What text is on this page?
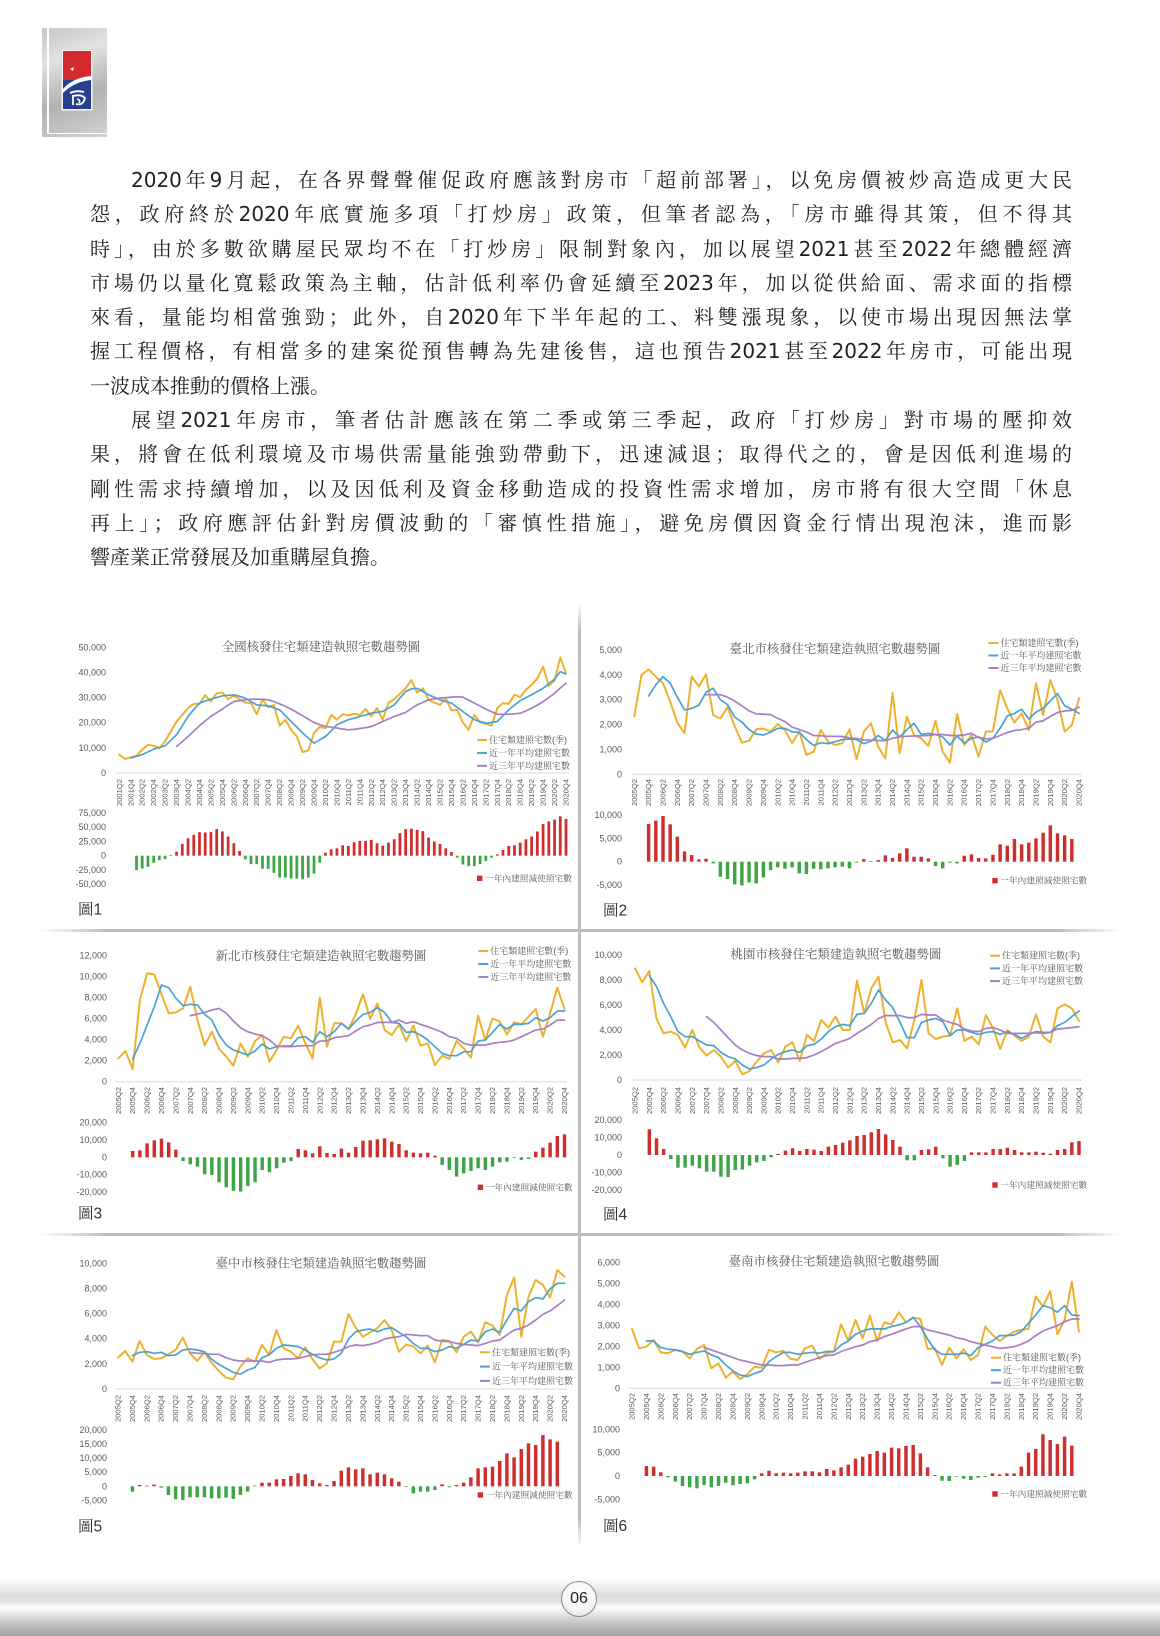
2020年9月起，在各界聲聲催促政府應該對房市「超前部署」，以免房價被炒高造成更大民
怨，政府終於2020年底實施多項「打炒房」政策，但筆者認為，「房市雖得其策，但不得其
時」，由於多數欲購屋民眾均不在「打炒房」限制對象內，加以展望2021甚至2022年總體經濟
市場仍以量化寬鬆政策為主軸，估計低利率仍會延續至2023年，加以從供給面、需求面的指標
來看，量能均相當強勁；此外，自2020年下半年起的工、料雙漲現象，以使市場出現因無法掌
握工程價格，有相當多的建案從預售轉為先建後售，這也預告2021甚至2022年房市，可能出現
一波成本推動的價格上漲。
展望2021年房市，筆者估計應該在第二季或第三季起，政府「打炒房」對市場的壓抑效
果，將會在低利環境及市場供需量能強勁帶動下，迅速減退；取得代之的，會是因低利進場的
剛性需求持續增加，以及因低利及資金移動造成的投資性需求增加，房市將有很大空間「休息
再上」；政府應評估針對房價波動的「審慎性措施」，避免房價因資金行情出現泡沫，進而影
響產業正常發展及加重購屋負擔。
全國核發住宅類建造執照宅數趨勢圖
0
10,000
20,000
30,000
40,000
50,000
2001Q2 2001Q4 2002Q2 2002Q4 2003Q2 2003Q4 2004Q2 2004Q4 2005Q2 2005Q4 2006Q2 2006Q4 2007Q2 2007Q4 2008Q2 2008Q4 2009Q2 2009Q4 2010Q2 2010Q4 2011Q2 2011Q4 2012Q2 2012Q4 2013Q2 2013Q4 2014Q2 2014Q4 2015Q2 2015Q4 2016Q2 2016Q4 2017Q2 2017Q4 2018Q2 2018Q4 2019Q2 2019Q4 2020Q2 2020Q4
住宅類建照宅數(季)
近一年平均建照宅數
近三年平均建照宅數
-50,000
-25,000
0
25,000
50,000
75,000
一年內建照減使照宅數
圖1
臺北市核發住宅類建造執照宅數趨勢圖
0
1,000
2,000
3,000
4,000
5,000
2005Q2 2005Q4 2006Q2 2006Q4 2007Q2 2007Q4 2008Q2 2008Q4 2009Q2 2009Q4 2010Q2 2010Q4 2011Q2 2011Q4 2012Q2 2012Q4 2013Q2 2013Q4 2014Q2 2014Q4 2015Q2 2015Q4 2016Q2 2016Q4 2017Q2 2017Q4 2018Q2 2018Q4 2019Q2 2019Q4 2020Q2 2020Q4
住宅類建照宅數(季)
近一年平均建照宅數
近三年平均建照宅數
-5,000
0
5,000
10,000
一年內建照減使照宅數
圖2
新北市核發住宅類建造執照宅數趨勢圖
0
2,000
4,000
6,000
8,000
10,000
12,000
2005Q2 2005Q4 2006Q2 2006Q4 2007Q2 2007Q4 2008Q2 2008Q4 2009Q2 2009Q4 2010Q2 2010Q4 2011Q2 2011Q4 2012Q2 2012Q4 2013Q2 2013Q4 2014Q2 2014Q4 2015Q2 2015Q4 2016Q2 2016Q4 2017Q2 2017Q4 2018Q2 2018Q4 2019Q2 2019Q4 2020Q2 2020Q4
住宅類建照宅數(季)
近一年平均建照宅數
近三年平均建照宅數
-20,000
-10,000
0
10,000
20,000
一年內建照減使照宅數
圖3
桃園市核發住宅類建造執照宅數趨勢圖
0
2,000
4,000
6,000
8,000
10,000
2005Q2 2005Q4 2006Q2 2006Q4 2007Q2 2007Q4 2008Q2 2008Q4 2009Q2 2009Q4 2010Q2 2010Q4 2011Q2 2011Q4 2012Q2 2012Q4 2013Q2 2013Q4 2014Q2 2014Q4 2015Q2 2015Q4 2016Q2 2016Q4 2017Q2 2017Q4 2018Q2 2018Q4 2019Q2 2019Q4 2020Q2 2020Q4
住宅類建照宅數(季)
近一年平均建照宅數
近三年平均建照宅數
-20,000
-10,000
0
10,000
20,000
一年內建照減使照宅數
圖4
臺中市核發住宅類建造執照宅數趨勢圖
0
2,000
4,000
6,000
8,000
10,000
2005Q2 2005Q4 2006Q2 2006Q4 2007Q2 2007Q4 2008Q2 2008Q4 2009Q2 2009Q4 2010Q2 2010Q4 2011Q2 2011Q4 2012Q2 2012Q4 2013Q2 2013Q4 2014Q2 2014Q4 2015Q2 2015Q4 2016Q2 2016Q4 2017Q2 2017Q4 2018Q2 2018Q4 2019Q2 2019Q4 2020Q2 2020Q4
住宅類建照宅數(季)
近一年平均建照宅數
近三年平均建照宅數
-5,000
0
5,000
10,000
15,000
20,000
一年內建照減使照宅數
圖5
臺南市核發住宅類建造執照宅數趨勢圖
0
1,000
2,000
3,000
4,000
5,000
6,000
2005Q2 2005Q4 2006Q2 2006Q4 2007Q2 2007Q4 2008Q2 2008Q4 2009Q2 2009Q4 2010Q2 2010Q4 2011Q2 2011Q4 2012Q2 2012Q4 2013Q2 2013Q4 2014Q2 2014Q4 2015Q2 2015Q4 2016Q2 2016Q4 2017Q2 2017Q4 2018Q2 2018Q4 2019Q2 2019Q4 2020Q2 2020Q4
住宅類建照宅數(季)
近一年平均建照宅數
近三年平均建照宅數
-5,000
0
5,000
10,000
一年內建照減使照宅數
圖6
06
